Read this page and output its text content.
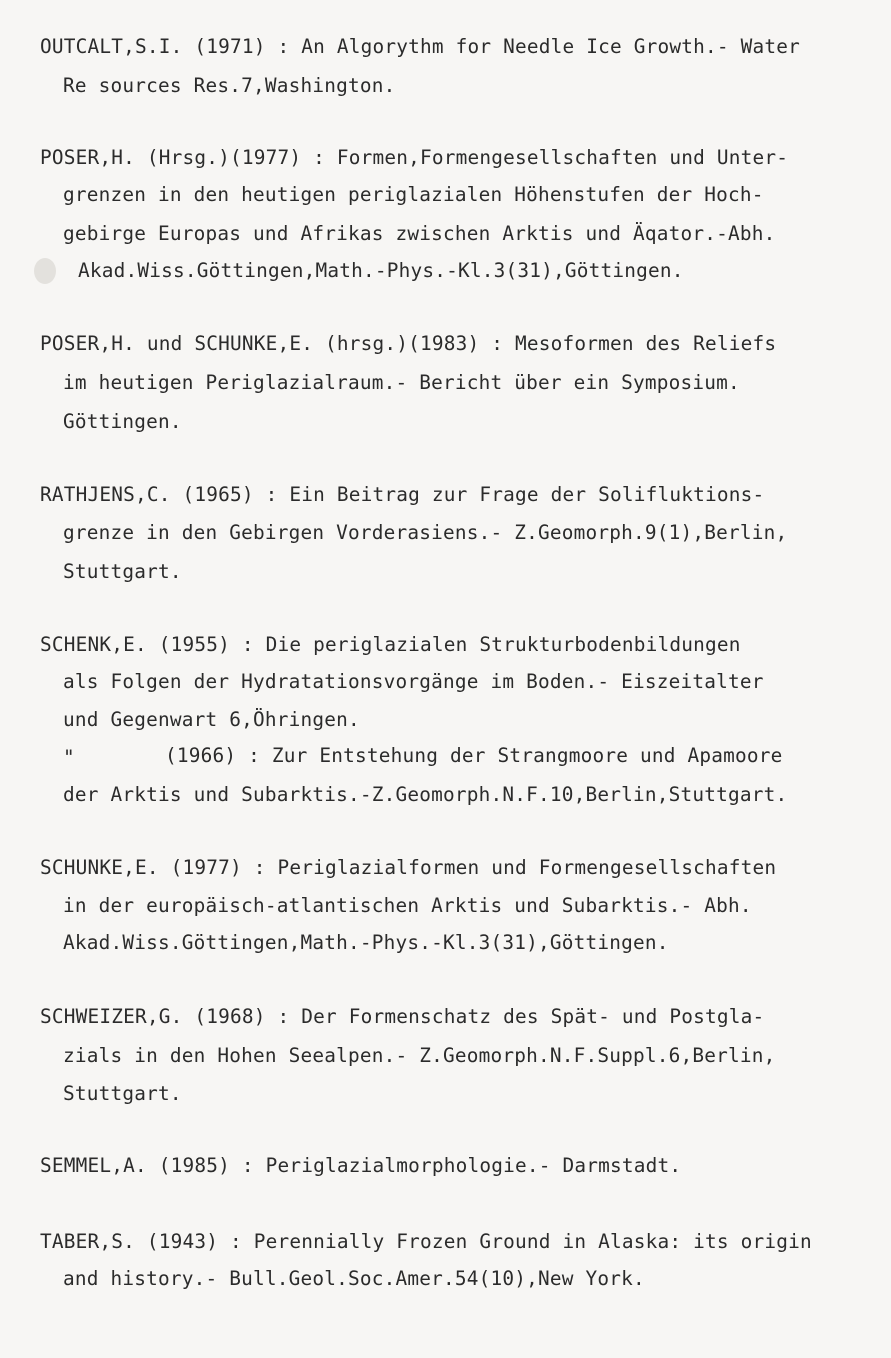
OUTCALT,S.I. (1971) : An Algorythm for Needle Ice Growth.- Water
Re sources Res.7,Washington.
POSER,H. (Hrsg.)(1977) : Formen,Formengesellschaften und Unter-
grenzen in den heutigen periglazialen Höhenstufen der Hoch-
gebirge Europas und Afrikas zwischen Arktis und Äqator.-Abh.
Akad.Wiss.Göttingen,Math.-Phys.-Kl.3(31),Göttingen.
POSER,H. und SCHUNKE,E. (hrsg.)(1983) : Mesoformen des Reliefs
im heutigen Periglazialraum.- Bericht über ein Symposium.
Göttingen.
RATHJENS,C. (1965) : Ein Beitrag zur Frage der Solifluktions-
grenze in den Gebirgen Vorderasiens.- Z.Geomorph.9(1),Berlin,
Stuttgart.
SCHENK,E. (1955) : Die periglazialen Strukturbodenbildungen
als Folgen der Hydratationsvorgänge im Boden.- Eiszeitalter
und Gegenwart 6,Öhringen.
"	(1966) : Zur Entstehung der Strangmoore und Apamoore
der Arktis und Subarktis.-Z.Geomorph.N.F.10,Berlin,Stuttgart.
SCHUNKE,E. (1977) : Periglazialformen und Formengesellschaften
in der europäisch-atlantischen Arktis und Subarktis.- Abh.
Akad.Wiss.Göttingen,Math.-Phys.-Kl.3(31),Göttingen.
SCHWEIZER,G. (1968) : Der Formenschatz des Spät- und Postgla-
zials in den Hohen Seealpen.- Z.Geomorph.N.F.Suppl.6,Berlin,
Stuttgart.
SEMMEL,A. (1985) : Periglazialmorphologie.- Darmstadt.
TABER,S. (1943) : Perennially Frozen Ground in Alaska: its origin
and history.- Bull.Geol.Soc.Amer.54(10),New York.
